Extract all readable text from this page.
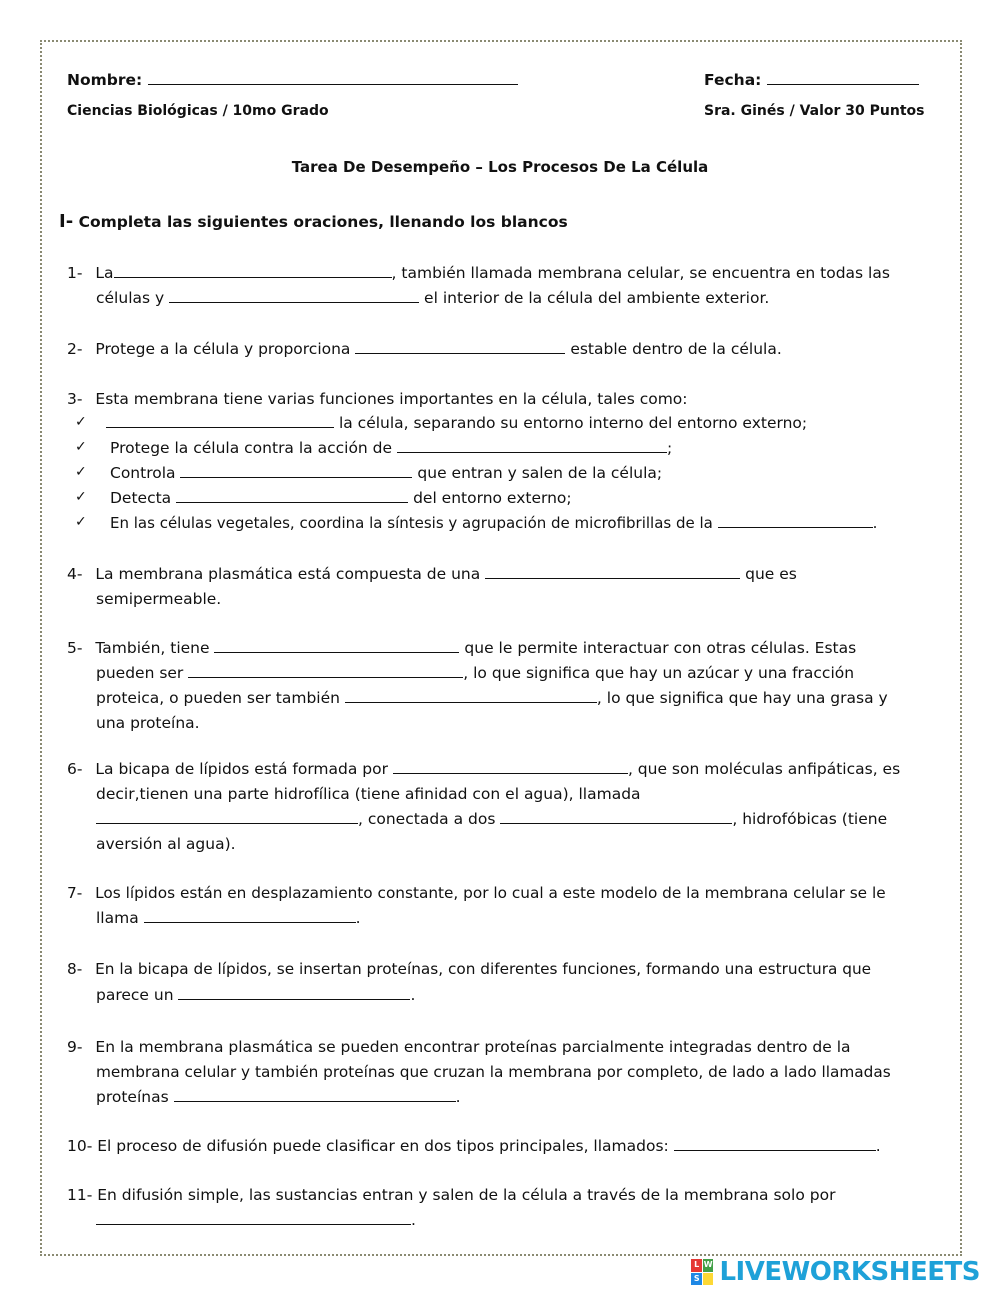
Nombre:	Fecha:
Ciencias Biológicas / 10mo Grado	Sra. Ginés / Valor 30 Puntos
Tarea De Desempeño – Los Procesos De La Célula
I- Completa las siguientes oraciones, llenando los blancos
1- La	, también llamada membrana celular, se encuentra en todas las
células y	el interior de la célula del ambiente exterior.
2- Protege a la célula y proporciona	estable dentro de la célula.
3- Esta membrana tiene varias funciones importantes en la célula, tales como:
✓	la célula, separando su entorno interno del entorno externo;
✓ Protege la célula contra la acción de	;
✓ Controla	que entran y salen de la célula;
✓ Detecta	del entorno externo;
✓ En las células vegetales, coordina la síntesis y agrupación de microfibrillas de la	.
4- La membrana plasmática está compuesta de una	que es
semipermeable.
5- También, tiene	que le permite interactuar con otras células. Estas
pueden ser	, lo que significa que hay un azúcar y una fracción
proteica, o pueden ser también	, lo que significa que hay una grasa y
una proteína.
6- La bicapa de lípidos está formada por	, que son moléculas anfipáticas, es
decir,tienen una parte hidrofílica (tiene afinidad con el agua), llamada
, conectada a dos	, hidrofóbicas (tiene
aversión al agua).
7- Los lípidos están en desplazamiento constante, por lo cual a este modelo de la membrana celular se le
llama	.
8- En la bicapa de lípidos, se insertan proteínas, con diferentes funciones, formando una estructura que
parece un	.
9- En la membrana plasmática se pueden encontrar proteínas parcialmente integradas dentro de la
membrana celular y también proteínas que cruzan la membrana por completo, de lado a lado llamadas
proteínas	.
10- El proceso de difusión puede clasificar en dos tipos principales, llamados:	.
11- En difusión simple, las sustancias entran y salen de la célula a través de la membrana solo por
.
L W
S LIVEWORKSHEETS
